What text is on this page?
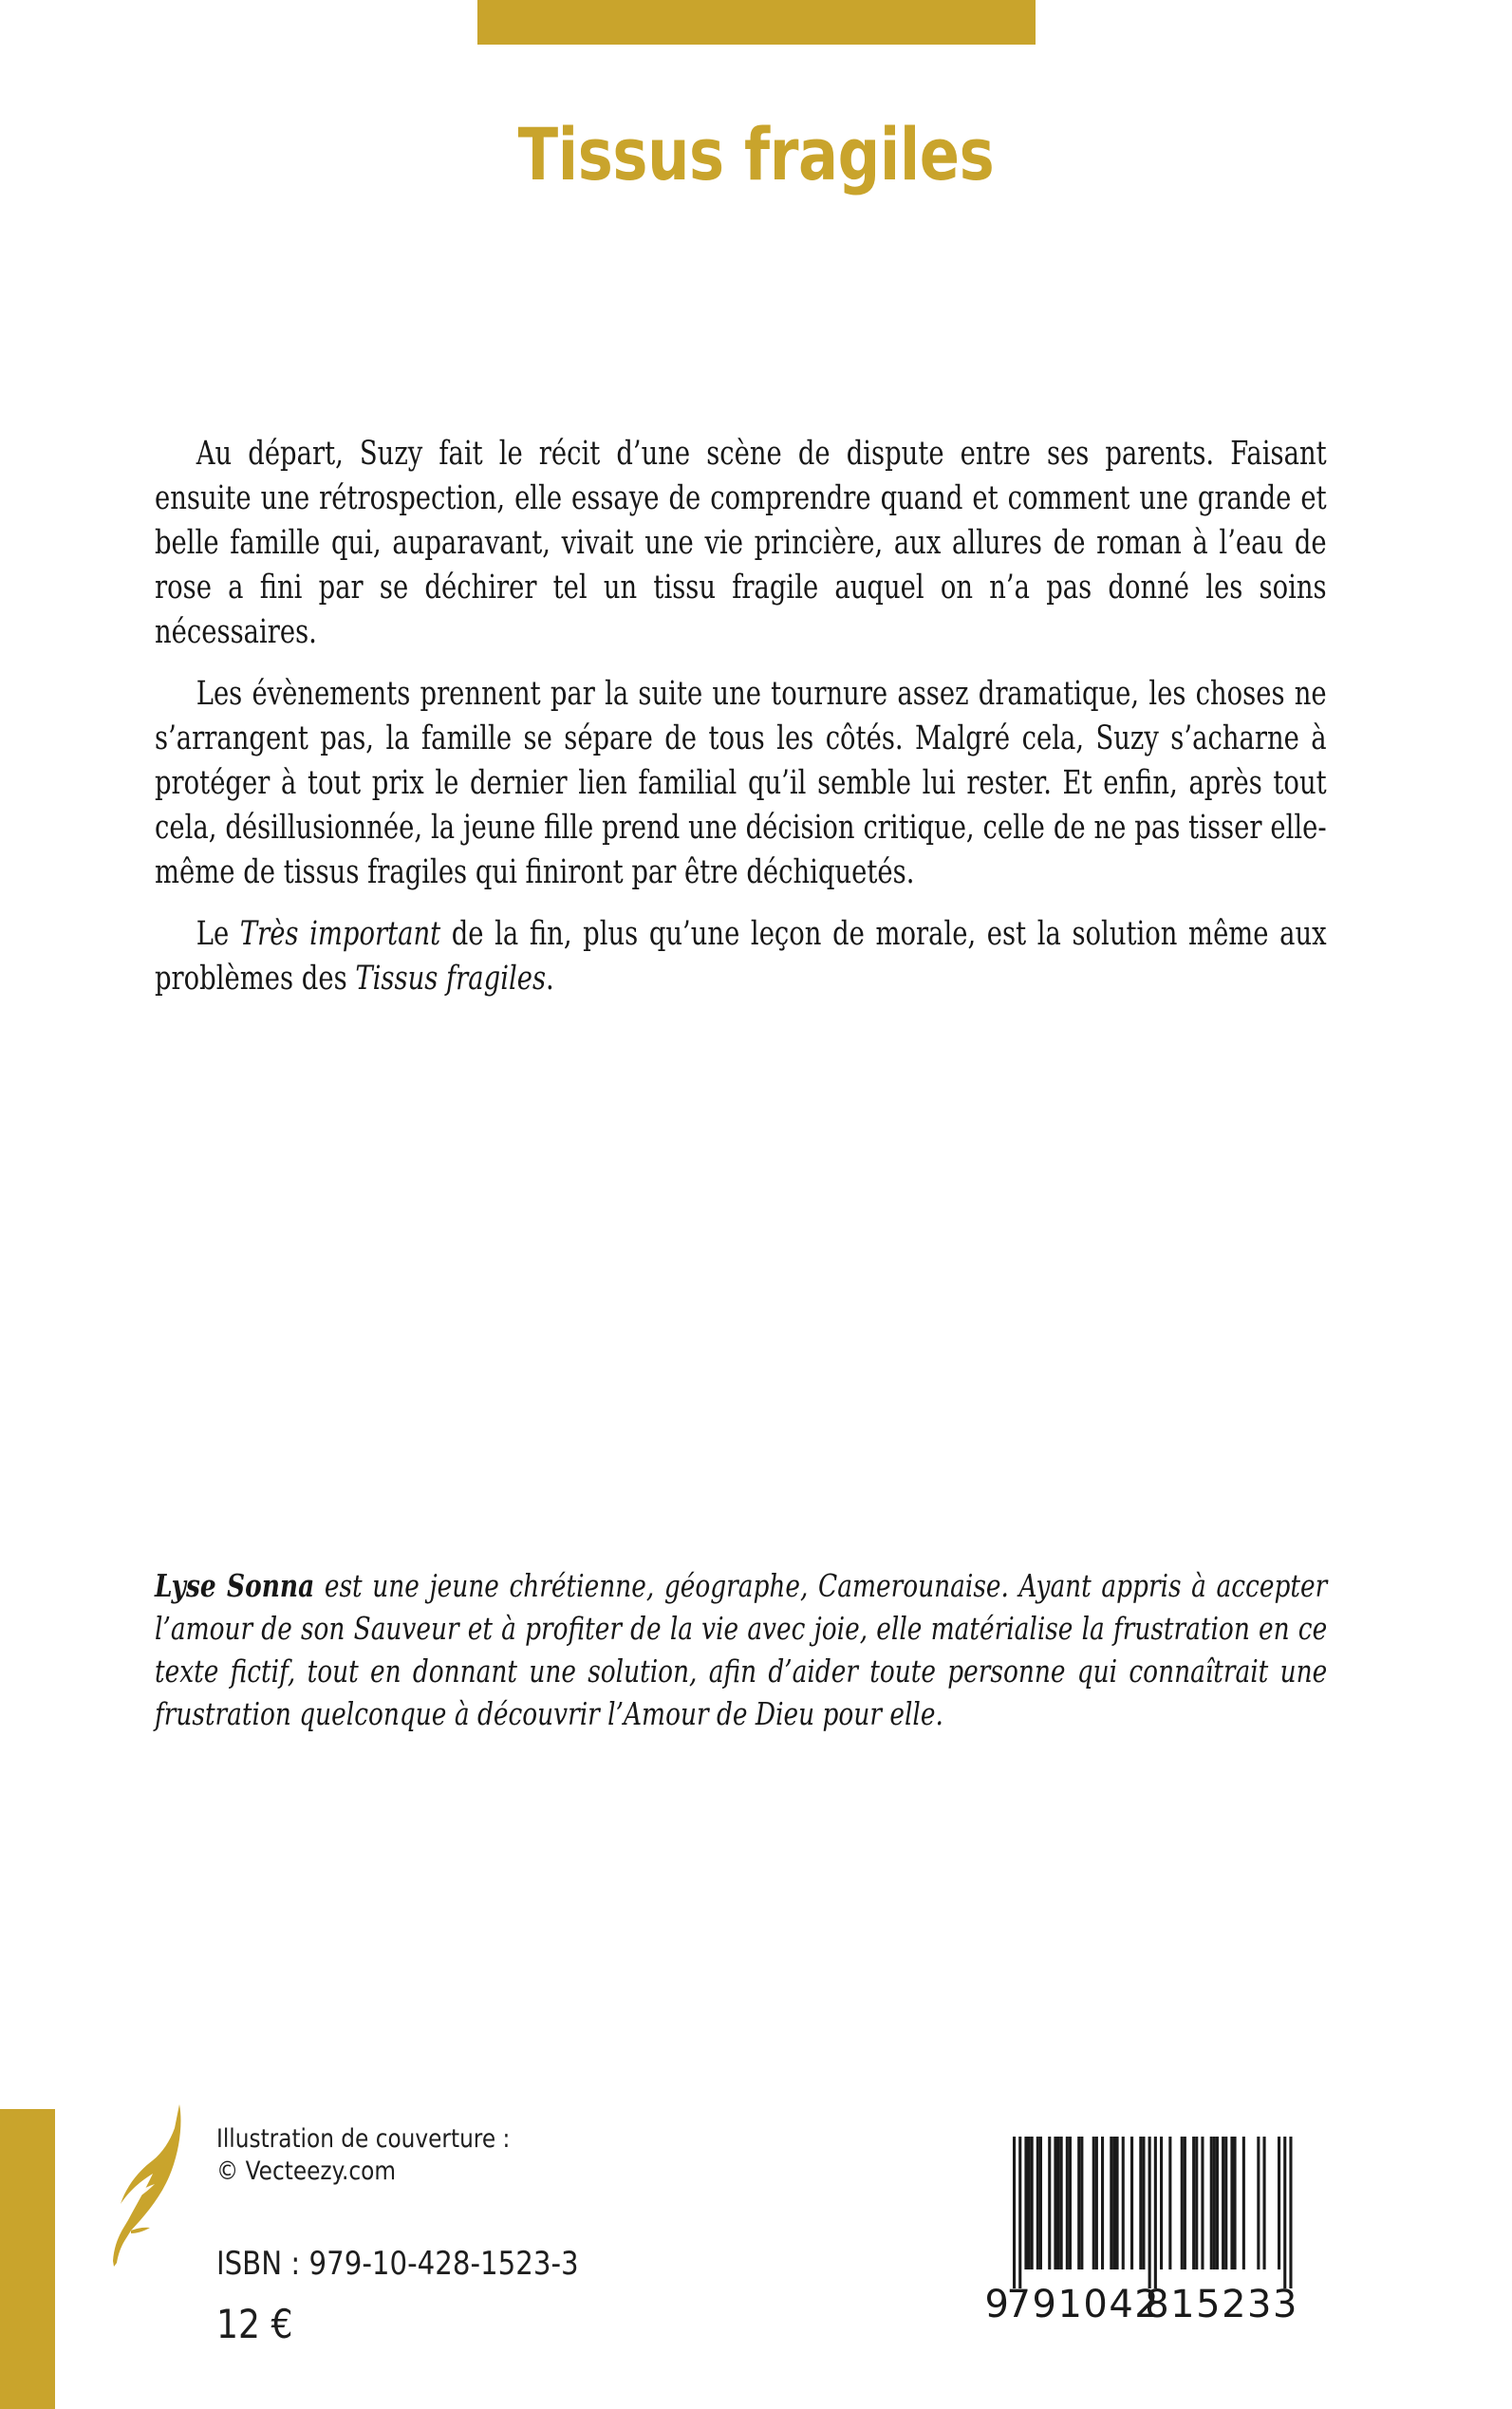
Tissus fragiles

Au départ, Suzy fait le récit d’une scène de dispute entre ses parents. Faisant ensuite une rétrospection, elle essaye de comprendre quand et comment une grande et belle famille qui, auparavant, vivait une vie princière, aux allures de roman à l’eau de rose a fini par se déchirer tel un tissu fragile auquel on n’a pas donné les soins nécessaires.

Les évènements prennent par la suite une tournure assez dramatique, les choses ne s’arrangent pas, la famille se sépare de tous les côtés. Malgré cela, Suzy s’acharne à protéger à tout prix le dernier lien familial qu’il semble lui rester. Et enfin, après tout cela, désillusionnée, la jeune fille prend une décision critique, celle de ne pas tisser elle-même de tissus fragiles qui finiront par être déchiquetés.

Le Très important de la fin, plus qu’une leçon de morale, est la solution même aux problèmes des Tissus fragiles.

Lyse Sonna est une jeune chrétienne, géographe, Camerounaise. Ayant appris à accepter l’amour de son Sauveur et à profiter de la vie avec joie, elle matérialise la frustration en ce texte fictif, tout en donnant une solution, afin d’aider toute personne qui connaîtrait une frustration quelconque à découvrir l’Amour de Dieu pour elle.

Illustration de couverture :
© Vecteezy.com
ISBN : 979-10-428-1523-3
12 €	9
791042
815233
